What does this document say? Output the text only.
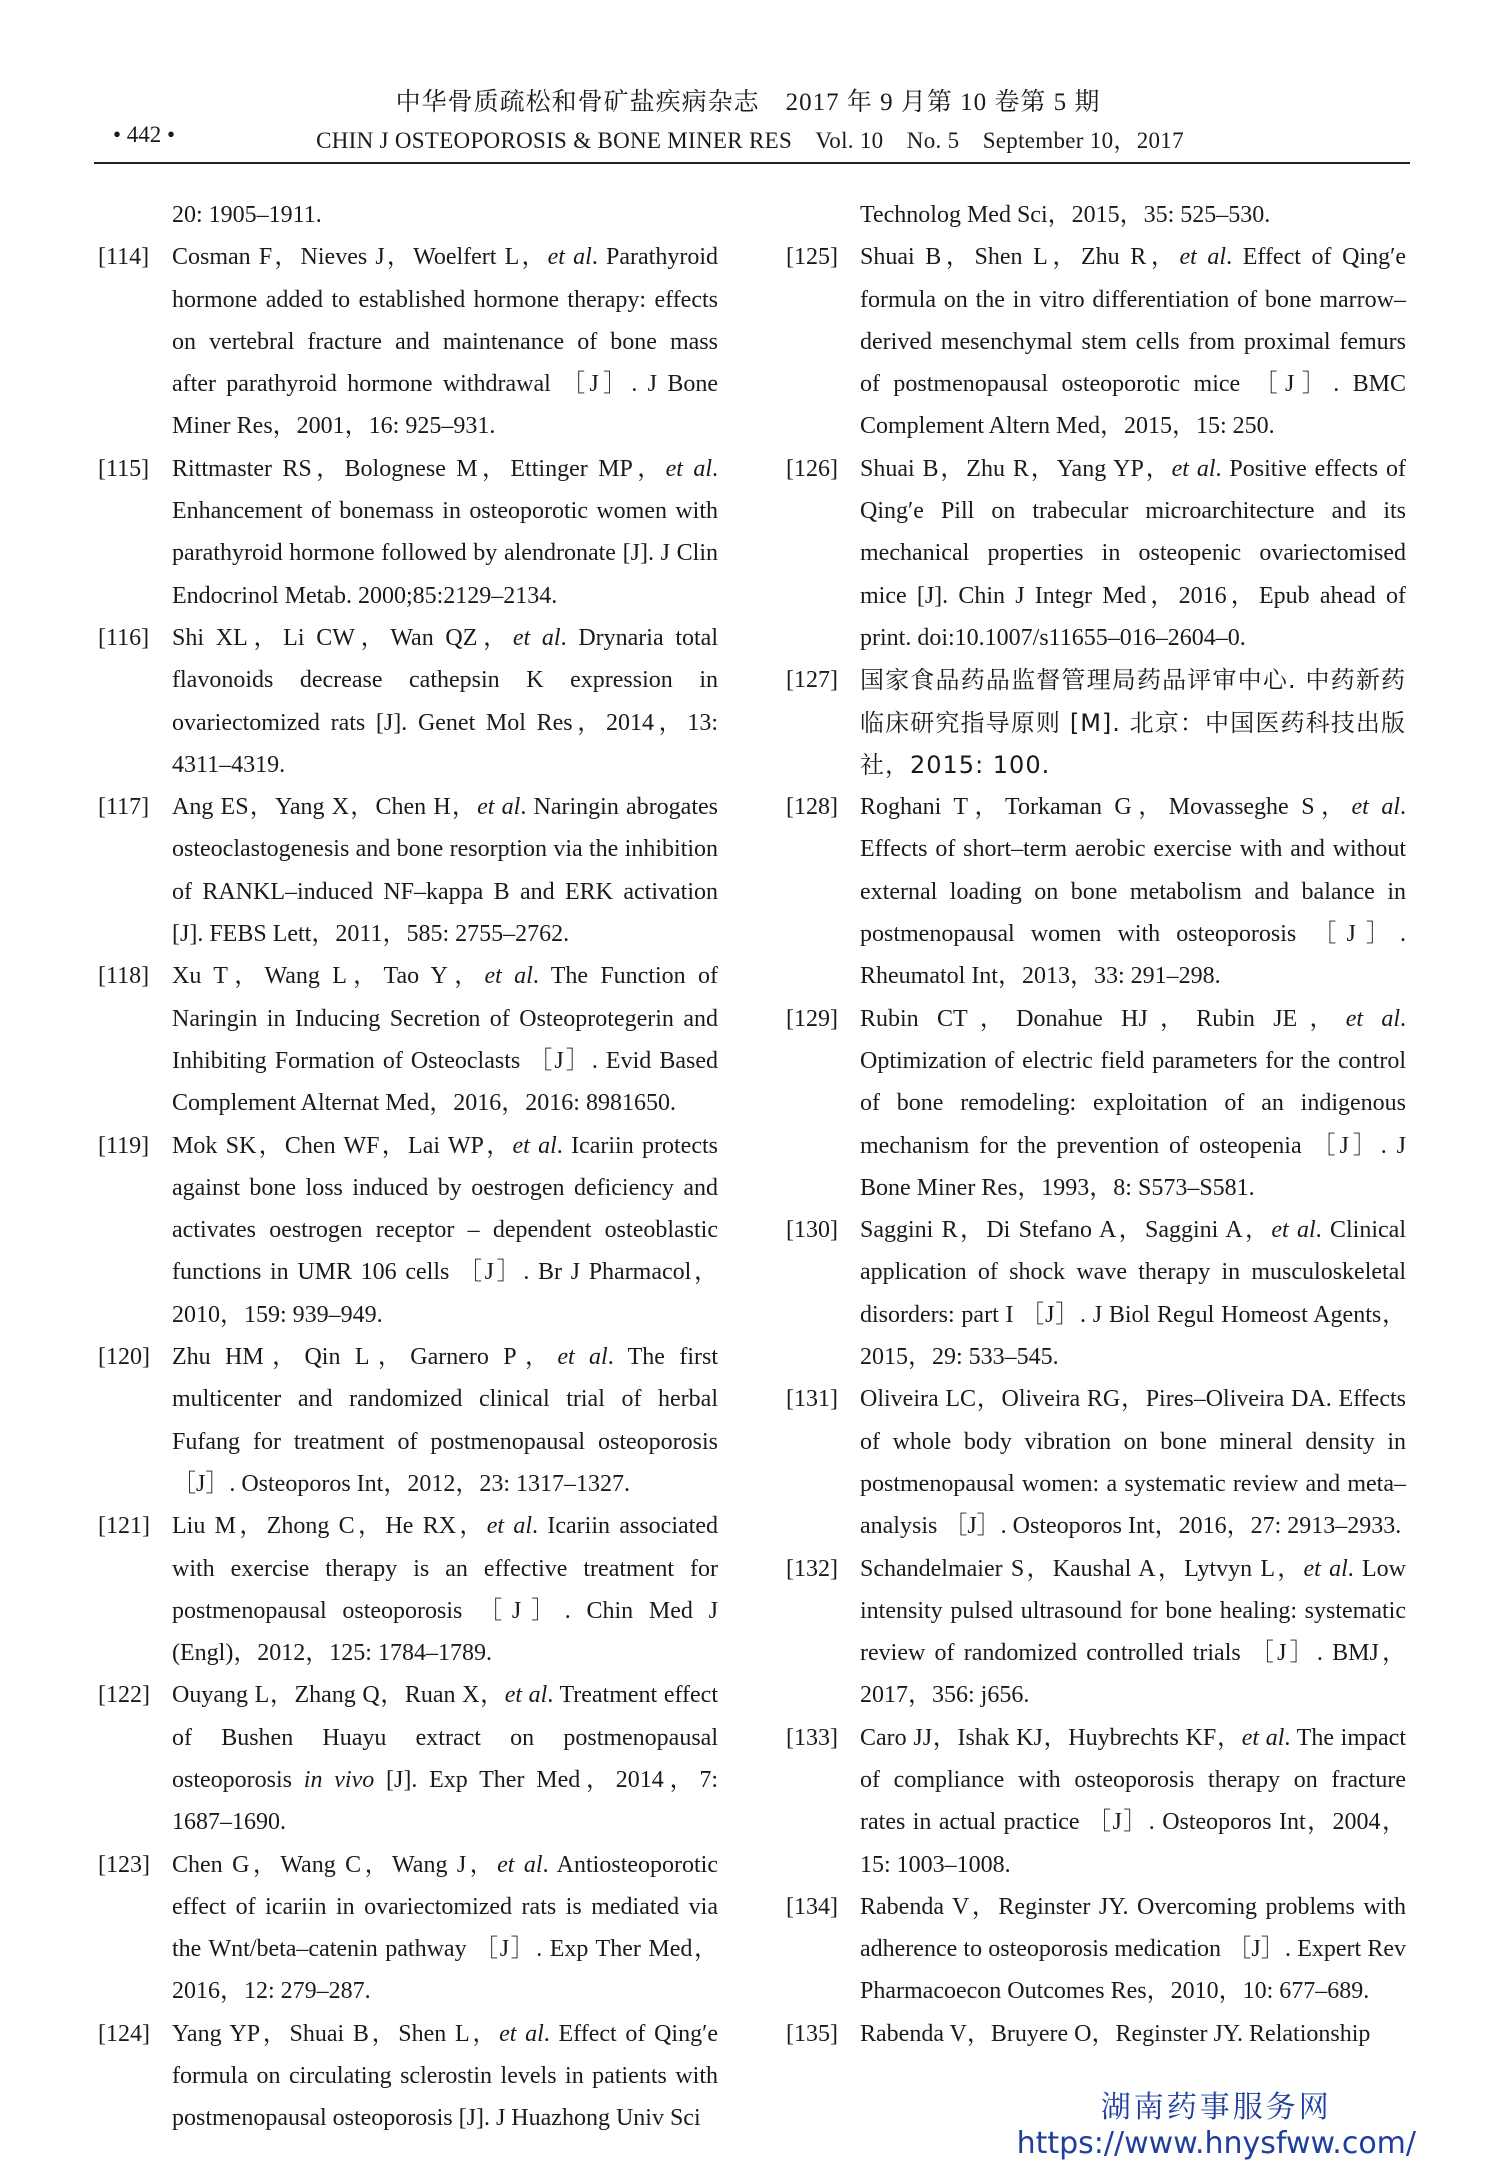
中华骨质疏松和骨矿盐疾病杂志　2017 年 9 月第 10 卷第 5 期
• 442 •	CHIN J OSTEOPOROSIS & BONE MINER RES　Vol. 10　No. 5　September 10，2017
20: 1905–1911.
[114] Cosman F，Nieves J，Woelfert L，et al. Parathyroid hormone added to established hormone therapy: effects on vertebral fracture and maintenance of bone mass after parathyroid hormone withdrawal ［J］. J Bone Miner Res，2001，16: 925–931.
[115] Rittmaster RS，Bolognese M，Ettinger MP，et al. Enhancement of bonemass in osteoporotic women with parathyroid hormone followed by alendronate [J]. J Clin Endocrinol Metab. 2000;85:2129–2134.
[116] Shi XL，Li CW，Wan QZ，et al. Drynaria total flavonoids decrease cathepsin K expression in ovariectomized rats [J]. Genet Mol Res，2014，13: 4311–4319.
[117] Ang ES，Yang X，Chen H，et al. Naringin abrogates osteoclastogenesis and bone resorption via the inhibition of RANKL–induced NF–kappa B and ERK activation [J]. FEBS Lett，2011，585: 2755–2762.
[118] Xu T，Wang L，Tao Y，et al. The Function of Naringin in Inducing Secretion of Osteoprotegerin and Inhibiting Formation of Osteoclasts ［J］. Evid Based Complement Alternat Med，2016，2016: 8981650.
[119] Mok SK，Chen WF，Lai WP，et al. Icariin protects against bone loss induced by oestrogen deficiency and activates oestrogen receptor – dependent osteoblastic functions in UMR 106 cells ［J］. Br J Pharmacol，2010，159: 939–949.
[120] Zhu HM，Qin L，Garnero P，et al. The first multicenter and randomized clinical trial of herbal Fufang for treatment of postmenopausal osteoporosis ［J］. Osteoporos Int，2012，23: 1317–1327.
[121] Liu M，Zhong C，He RX，et al. Icariin associated with exercise therapy is an effective treatment for postmenopausal osteoporosis ［J］. Chin Med J (Engl)，2012，125: 1784–1789.
[122] Ouyang L，Zhang Q，Ruan X，et al. Treatment effect of Bushen Huayu extract on postmenopausal osteoporosis in vivo [J]. Exp Ther Med，2014，7: 1687–1690.
[123] Chen G，Wang C，Wang J，et al. Antiosteoporotic effect of icariin in ovariectomized rats is mediated via the Wnt/beta–catenin pathway ［J］. Exp Ther Med，2016，12: 279–287.
[124] Yang YP，Shuai B，Shen L，et al. Effect of Qing′e formula on circulating sclerostin levels in patients with postmenopausal osteoporosis [J]. J Huazhong Univ Sci
Technolog Med Sci，2015，35: 525–530.
[125] Shuai B，Shen L，Zhu R，et al. Effect of Qing′e formula on the in vitro differentiation of bone marrow–derived mesenchymal stem cells from proximal femurs of postmenopausal osteoporotic mice ［J］. BMC Complement Altern Med，2015，15: 250.
[126] Shuai B，Zhu R，Yang YP，et al. Positive effects of Qing′e Pill on trabecular microarchitecture and its mechanical properties in osteopenic ovariectomised mice [J]. Chin J Integr Med，2016，Epub ahead of print. doi:10.1007/s11655–016–2604–0.
[127] 国家食品药品监督管理局药品评审中心. 中药新药临床研究指导原则 [M]. 北京：中国医药科技出版社，2015: 100.
[128] Roghani T，Torkaman G，Movasseghe S，et al. Effects of short–term aerobic exercise with and without external loading on bone metabolism and balance in postmenopausal women with osteoporosis ［J］. Rheumatol Int，2013，33: 291–298.
[129] Rubin CT，Donahue HJ，Rubin JE，et al. Optimization of electric field parameters for the control of bone remodeling: exploitation of an indigenous mechanism for the prevention of osteopenia ［J］. J Bone Miner Res，1993，8: S573–S581.
[130] Saggini R，Di Stefano A，Saggini A，et al. Clinical application of shock wave therapy in musculoskeletal disorders: part I ［J］. J Biol Regul Homeost Agents，2015，29: 533–545.
[131] Oliveira LC，Oliveira RG，Pires–Oliveira DA. Effects of whole body vibration on bone mineral density in postmenopausal women: a systematic review and meta–analysis ［J］. Osteoporos Int，2016，27: 2913–2933.
[132] Schandelmaier S，Kaushal A，Lytvyn L，et al. Low intensity pulsed ultrasound for bone healing: systematic review of randomized controlled trials ［J］. BMJ，2017，356: j656.
[133] Caro JJ，Ishak KJ，Huybrechts KF，et al. The impact of compliance with osteoporosis therapy on fracture rates in actual practice ［J］. Osteoporos Int，2004，15: 1003–1008.
[134] Rabenda V，Reginster JY. Overcoming problems with adherence to osteoporosis medication ［J］. Expert Rev Pharmacoecon Outcomes Res，2010，10: 677–689.
[135] Rabenda V，Bruyere O，Reginster JY. Relationship
湖南药事服务网
https://www.hnysfww.com/
